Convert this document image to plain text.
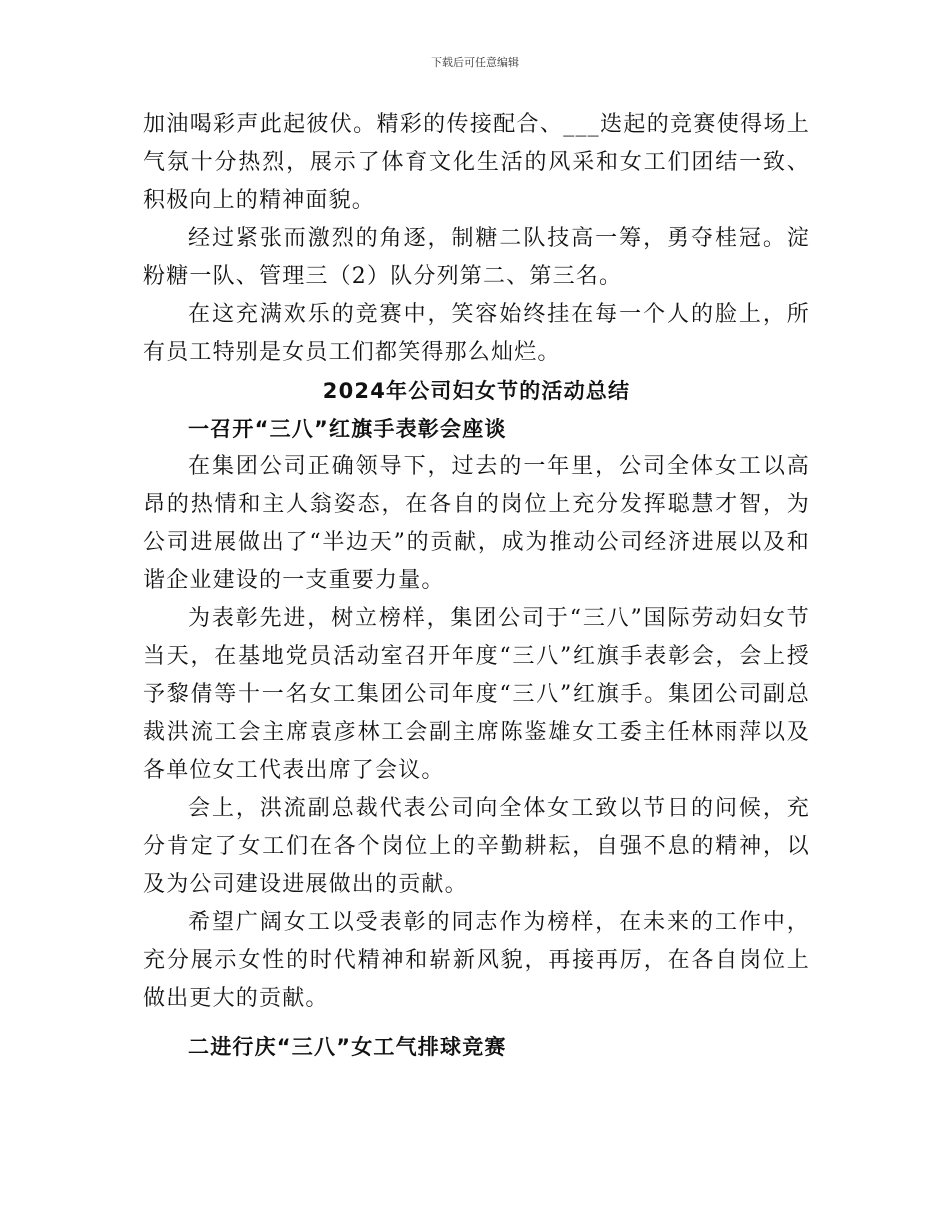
下载后可任意编辑

加油喝彩声此起彼伏。精彩的传接配合、___迭起的竞赛使得场上气氛十分热烈，展示了体育文化生活的风采和女工们团结一致、积极向上的精神面貌。

经过紧张而激烈的角逐，制糖二队技高一筹，勇夺桂冠。淀粉糖一队、管理三（2）队分列第二、第三名。

在这充满欢乐的竞赛中，笑容始终挂在每一个人的脸上，所有员工特别是女员工们都笑得那么灿烂。

2024年公司妇女节的活动总结
一召开“三八”红旗手表彰会座谈

在集团公司正确领导下，过去的一年里，公司全体女工以高昂的热情和主人翁姿态，在各自的岗位上充分发挥聪慧才智，为公司进展做出了“半边天”的贡献，成为推动公司经济进展以及和谐企业建设的一支重要力量。

为表彰先进，树立榜样，集团公司于“三八”国际劳动妇女节当天，在基地党员活动室召开年度“三八”红旗手表彰会，会上授予黎倩等十一名女工集团公司年度“三八”红旗手。集团公司副总裁洪流工会主席袁彦林工会副主席陈鉴雄女工委主任林雨萍以及各单位女工代表出席了会议。

会上，洪流副总裁代表公司向全体女工致以节日的问候，充分肯定了女工们在各个岗位上的辛勤耕耘，自强不息的精神，以及为公司建设进展做出的贡献。

希望广阔女工以受表彰的同志作为榜样，在未来的工作中，充分展示女性的时代精神和崭新风貌，再接再厉，在各自岗位上做出更大的贡献。

二进行庆“三八”女工气排球竞赛
